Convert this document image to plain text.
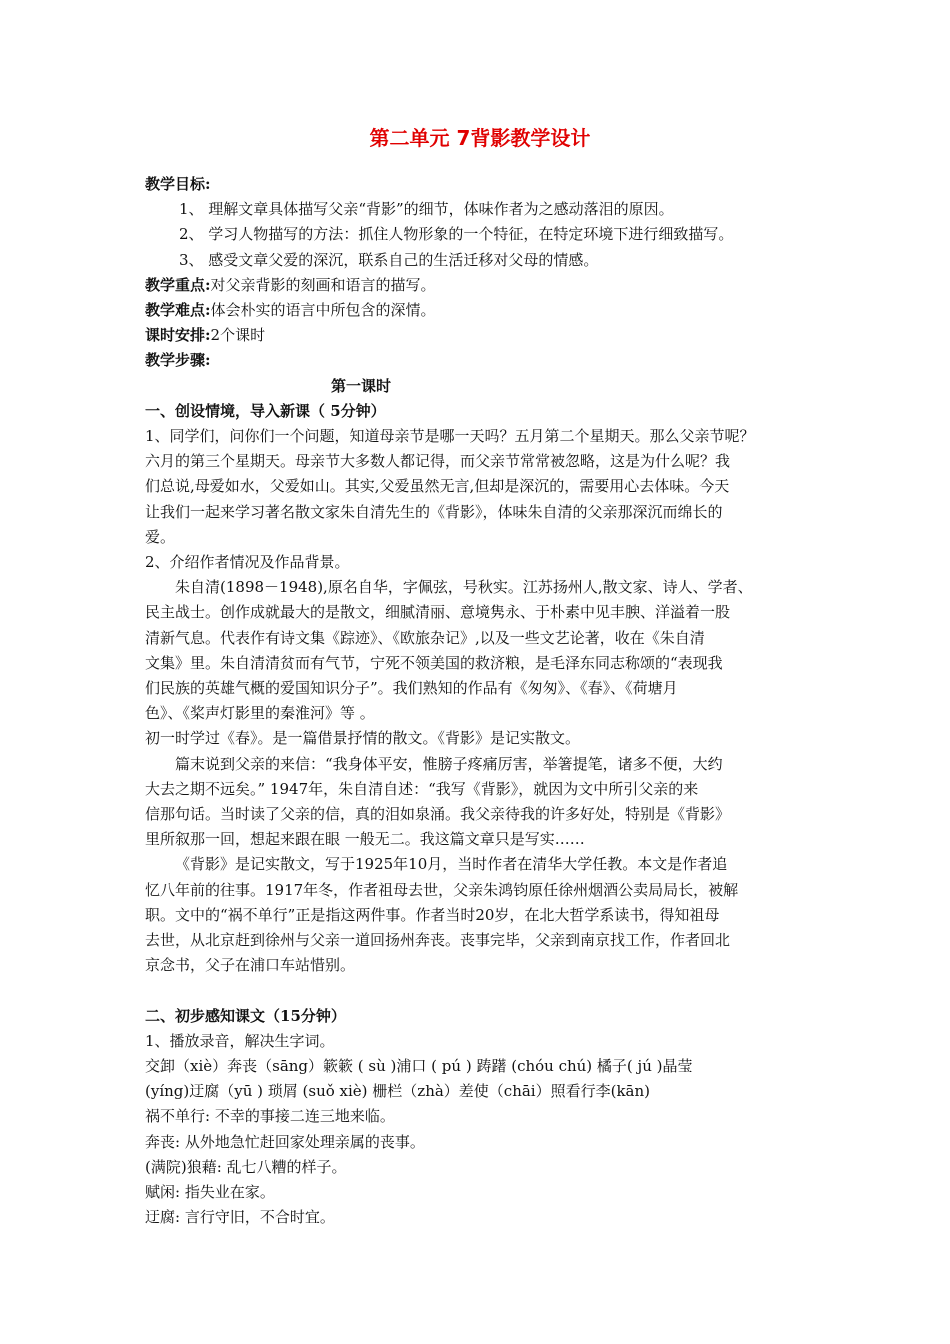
第二单元 7背影教学设计

教学目标:

1、 理解文章具体描写父亲“背影”的细节，体味作者为之感动落泪的原因。

2、 学习人物描写的方法：抓住人物形象的一个特征，在特定环境下进行细致描写。

3、 感受文章父爱的深沉，联系自己的生活迁移对父母的情感。

教学重点:对父亲背影的刻画和语言的描写。

教学难点:体会朴实的语言中所包含的深情。

课时安排:2个课时

教学步骤:

第一课时

一、创设情境，导入新课（ 5分钟）

1、同学们，问你们一个问题，知道母亲节是哪一天吗？五月第二个星期天。那么父亲节呢？

六月的第三个星期天。母亲节大多数人都记得，而父亲节常常被忽略，这是为什么呢？我

们总说,母爱如水，父爱如山。其实,父爱虽然无言,但却是深沉的，需要用心去体味。今天

让我们一起来学习著名散文家朱自清先生的《背影》，体味朱自清的父亲那深沉而绵长的

爱。

2、介绍作者情况及作品背景。

朱自清(1898－1948),原名自华，字佩弦，号秋实。江苏扬州人,散文家、诗人、学者、

民主战士。创作成就最大的是散文，细腻清丽、意境隽永、于朴素中见丰腴、洋溢着一股

清新气息。代表作有诗文集《踪迹》、《欧旅杂记》,以及一些文艺论著，收在《朱自清

文集》里。朱自清清贫而有气节，宁死不领美国的救济粮，是毛泽东同志称颂的“表现我

们民族的英雄气概的爱国知识分子”。我们熟知的作品有《匆匆》、《春》、《荷塘月

色》、《桨声灯影里的秦淮河》等 。

初一时学过《春》。是一篇借景抒情的散文。《背影》是记实散文。

篇末说到父亲的来信：“我身体平安，惟膀子疼痛厉害，举箸提笔，诸多不便，大约

大去之期不远矣。” 1947年，朱自清自述：“我写《背影》，就因为文中所引父亲的来

信那句话。当时读了父亲的信，真的泪如泉涌。我父亲待我的许多好处，特别是《背影》

里所叙那一回，想起来跟在眼 一般无二。我这篇文章只是写实……

《背影》是记实散文，写于1925年10月，当时作者在清华大学任教。本文是作者追

忆八年前的往事。1917年冬，作者祖母去世，父亲朱鸿钧原任徐州烟酒公卖局局长，被解

职。文中的“祸不单行”正是指这两件事。作者当时20岁，在北大哲学系读书，得知祖母

去世，从北京赶到徐州与父亲一道回扬州奔丧。丧事完毕，父亲到南京找工作，作者回北

京念书，父子在浦口车站惜别。

二、初步感知课文（15分钟）

1、播放录音，解决生字词。

交卸（xiè）奔丧（sāng）簌簌 ( sù )浦口 ( pú ) 踌躇 (chóu chú) 橘子( jú )晶莹

(yíng)迂腐（yū ) 琐屑 (suǒ xiè) 栅栏（zhà）差使（chāi）照看行李(kān)

祸不单行: 不幸的事接二连三地来临。

奔丧: 从外地急忙赶回家处理亲属的丧事。

(满院)狼藉: 乱七八糟的样子。

赋闲: 指失业在家。

迂腐: 言行守旧，不合时宜。
